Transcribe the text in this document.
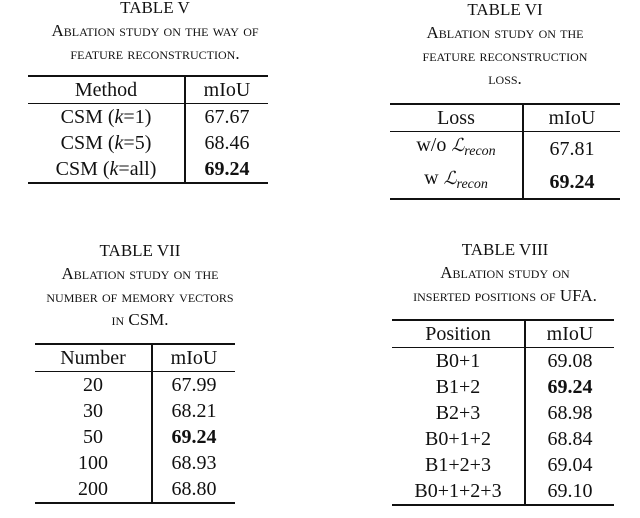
TABLE V
Ablation study on the way of
feature reconstruction.
Method	mIoU
CSM (k=1)	67.67
CSM (k=5)	68.46
CSM (k=all)	69.24
TABLE VI
Ablation study on the
feature reconstruction
loss.
Loss	mIoU
w/o ℒ$_{recon}$	67.81
w ℒ$_{recon}$	69.24
TABLE VII
Ablation study on the
number of memory vectors
in CSM.
Number	mIoU
20	67.99
30	68.21
50	69.24
100	68.93
200	68.80
TABLE VIII
Ablation study on
inserted positions of UFA.
Position	mIoU
B0+1	69.08
B1+2	69.24
B2+3	68.98
B0+1+2	68.84
B1+2+3	69.04
B0+1+2+3	69.10
